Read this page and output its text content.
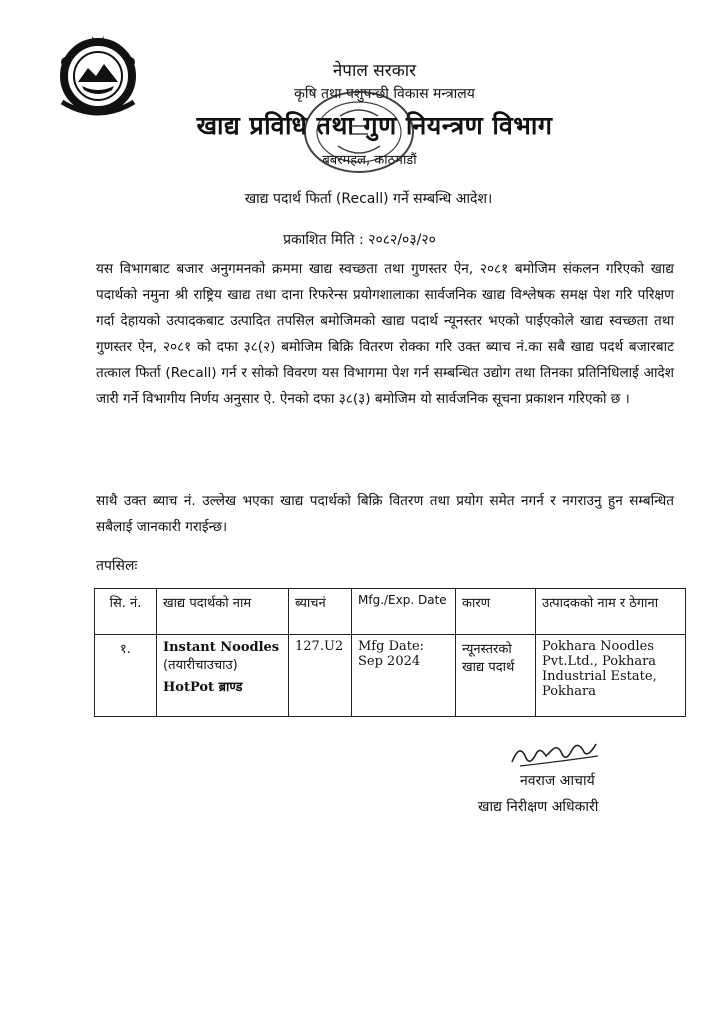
नेपाल सरकार
कृषि तथा पशुपन्छी विकास मन्त्रालय
खाद्य प्रविधि तथा गुण नियन्त्रण विभाग
बबरमहल, काठमाडौं
खाद्य पदार्थ फिर्ता (Recall) गर्ने सम्बन्धि आदेश।
प्रकाशित मिति : २०८२/०३/२०

यस विभागबाट बजार अनुगमनको क्रममा खाद्य स्वच्छता तथा गुणस्तर ऐन, २०८१ बमोजिम संकलन गरिएको खाद्य पदार्थको नमुना श्री राष्ट्रिय खाद्य तथा दाना रिफरेन्स प्रयोगशालाका सार्वजनिक खाद्य विश्लेषक समक्ष पेश गरि परिक्षण गर्दा देहायको उत्पादकबाट उत्पादित तपसिल बमोजिमको खाद्य पदार्थ न्यूनस्तर भएको पाईएकोले खाद्य स्वच्छता तथा गुणस्तर ऐन, २०८१ को दफा ३८(२) बमोजिम बिक्रि वितरण रोक्का गरि उक्त ब्याच नं.का सबै खाद्य पदर्थ बजारबाट तत्काल फिर्ता (Recall) गर्न र सोको विवरण यस विभागमा पेश गर्न सम्बन्धित उद्योग तथा तिनका प्रतिनिधिलाई आदेश जारी गर्ने विभागीय निर्णय अनुसार ऐ. ऐनको दफा ३८(३) बमोजिम यो सार्वजनिक सूचना प्रकाशन गरिएको छ ।

साथै उक्त ब्याच नं. उल्लेख भएका खाद्य पदार्थको बिक्रि वितरण तथा प्रयोग समेत नगर्न र नगराउनु हुन सम्बन्धित सबैलाई जानकारी गराईन्छ।

तपसिलः
सि. नं.	खाद्य पदार्थको नाम	ब्याचनं	Mfg./Exp. Date	कारण	उत्पादकको नाम र ठेगाना
१.	Instant Noodles
(तयारीचाउचाउ)
HotPot ब्राण्ड	127.U2	Mfg Date: Sep 2024	न्यूनस्तरको खाद्य पदार्थ	Pokhara Noodles Pvt.Ltd., Pokhara Industrial Estate, Pokhara
नवराज आचार्य
खाद्य निरीक्षण अधिकारी
